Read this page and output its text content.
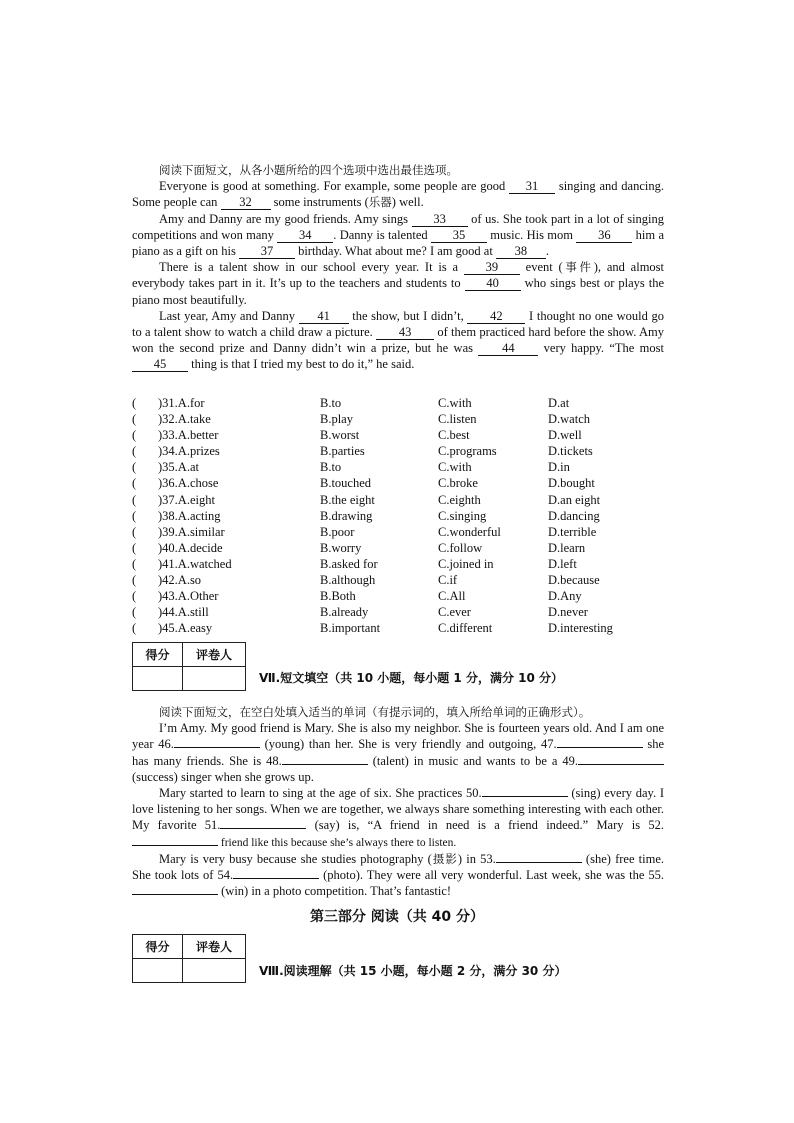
阅读下面短文，从各小题所给的四个选项中选出最佳选项。

Everyone is good at something. For example, some people are good 31 singing and dancing. Some people can 32 some instruments (乐器) well.

Amy and Danny are my good friends. Amy sings 33 of us. She took part in a lot of singing competitions and won many 34 . Danny is talented 35 music. His mom 36 him a piano as a gift on his 37 birthday. What about me? I am good at 38 .

There is a talent show in our school every year. It is a 39 event (事件), and almost everybody takes part in it. It’s up to the teachers and students to 40 who sings best or plays the piano most beautifully.

Last year, Amy and Danny 41 the show, but I didn’t, 42 I thought no one would go to a talent show to watch a child draw a picture. 43 of them practiced hard before the show. Amy won the second prize and Danny didn’t win a prize, but he was 44 very happy. “The most 45 thing is that I tried my best to do it,” he said.

( )31.A.for	B.to	C.with	D.at
( )32.A.take	B.play	C.listen	D.watch
( )33.A.better	B.worst	C.best	D.well
( )34.A.prizes	B.parties	C.programs	D.tickets
( )35.A.at	B.to	C.with	D.in
( )36.A.chose	B.touched	C.broke	D.bought
( )37.A.eight	B.the eight	C.eighth	D.an eight
( )38.A.acting	B.drawing	C.singing	D.dancing
( )39.A.similar	B.poor	C.wonderful	D.terrible
( )40.A.decide	B.worry	C.follow	D.learn
( )41.A.watched	B.asked for	C.joined in	D.left
( )42.A.so	B.although	C.if	D.because
( )43.A.Other	B.Both	C.All	D.Any
( )44.A.still	B.already	C.ever	D.never
( )45.A.easy	B.important	C.different	D.interesting
得分	评卷人

Ⅶ.短文填空（共 10 小题，每小题 1 分，满分 10 分）

阅读下面短文，在空白处填入适当的单词（有提示词的，填入所给单词的正确形式）。

I’m Amy. My good friend is Mary. She is also my neighbor. She is fourteen years old. And I am one year 46.	(young) than her. She is very friendly and outgoing, 47.	she has many friends. She is 48.	(talent) in music and wants to be a 49. (success) singer when she grows up.

Mary started to learn to sing at the age of six. She practices 50.	(sing) every day. I love listening to her songs. When we are together, we always share something interesting with each other. My favorite 51.	(say) is, “A friend in need is a friend indeed.” Mary is 52. friend like this because she’s always there to listen.

Mary is very busy because she studies photography (摄影) in 53.	(she) free time. She took lots of 54.	(photo). They were all very wonderful. Last week, she was the 55. (win) in a photo competition. That’s fantastic!

第三部分 阅读（共 40 分）
得分	评卷人

Ⅷ.阅读理解（共 15 小题，每小题 2 分，满分 30 分）
